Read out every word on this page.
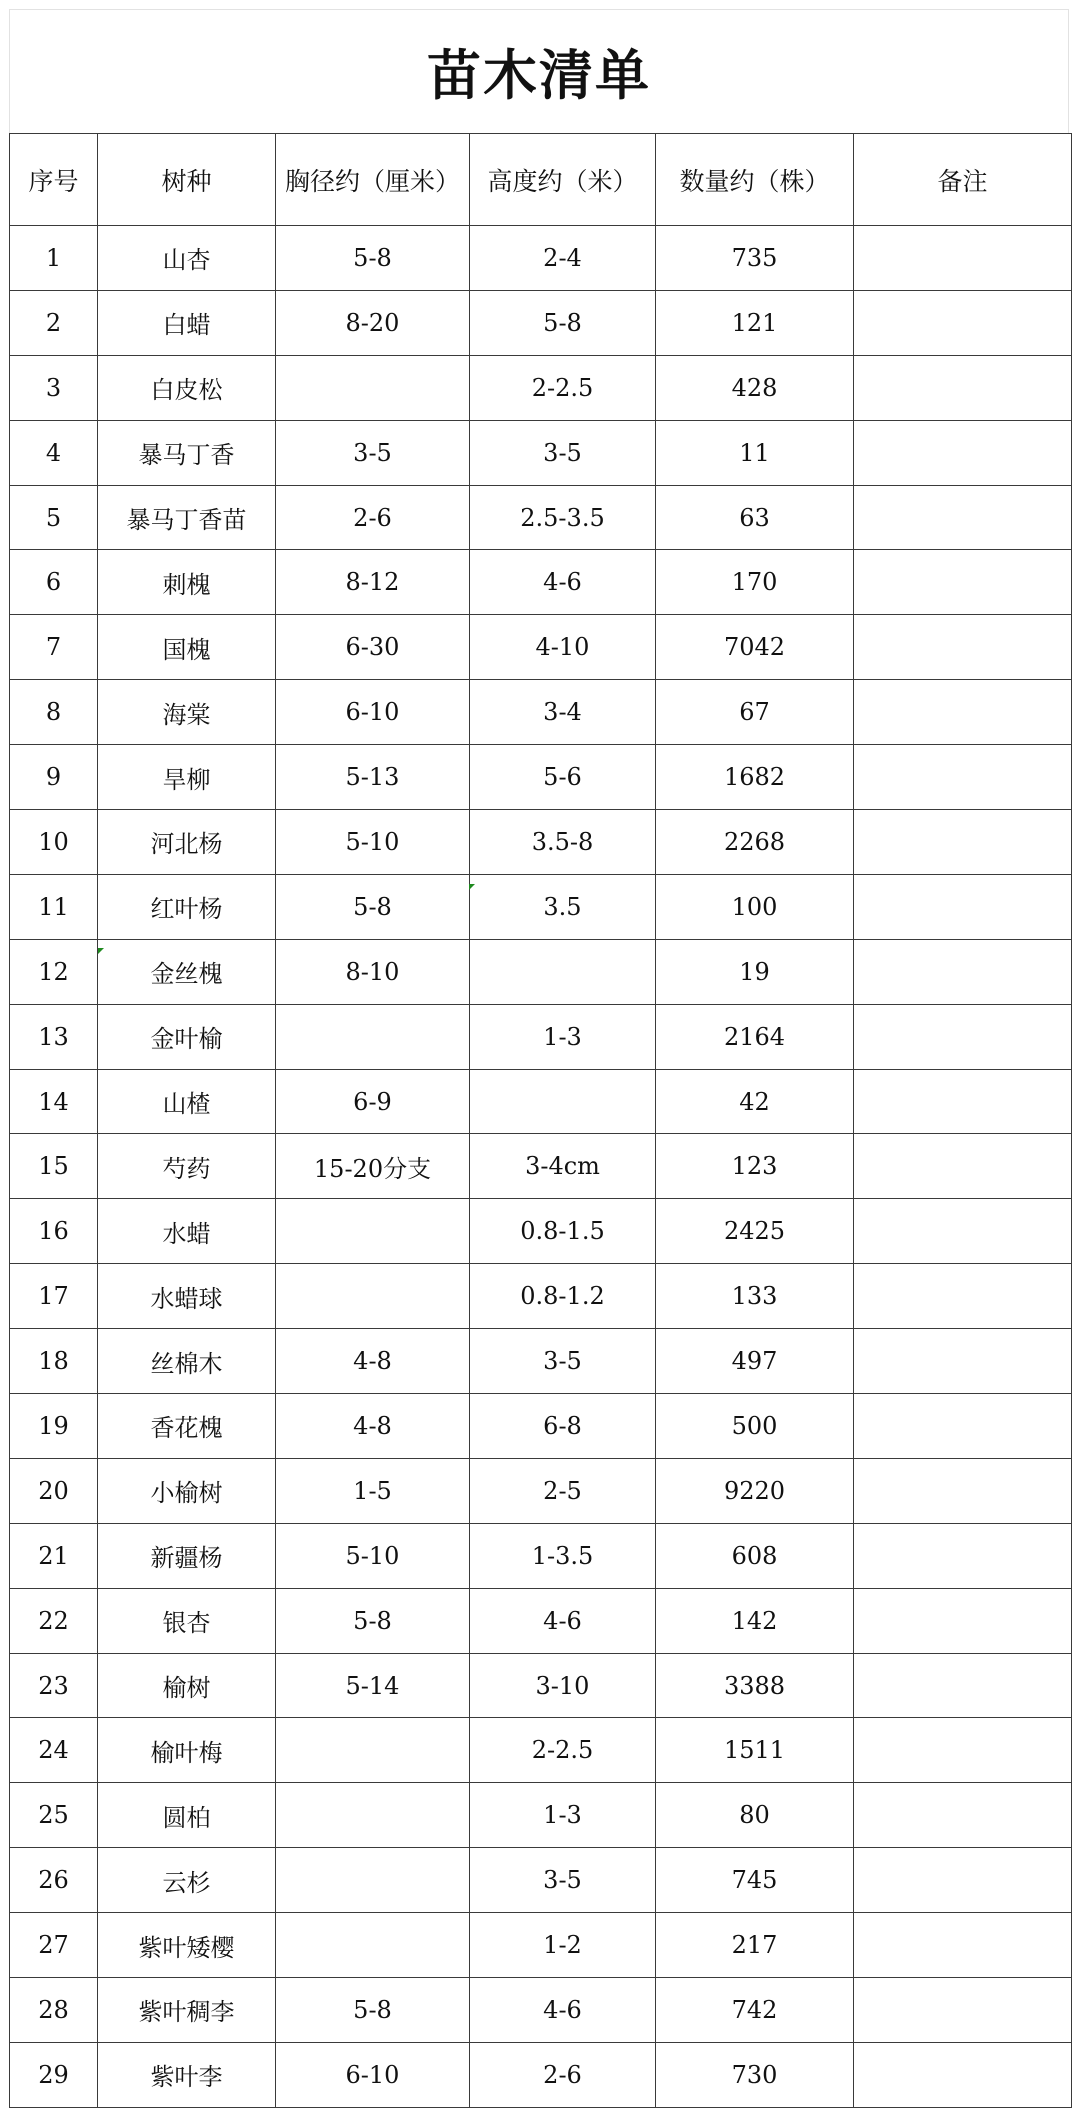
苗木清单
序号	树种	胸径约（厘米）	高度约（米）	数量约（株）	备注
1	山杏	5-8	2-4	735	
2	白蜡	8-20	5-8	121	
3	白皮松		2-2.5	428	
4	暴马丁香	3-5	3-5	11	
5	暴马丁香苗	2-6	2.5-3.5	63	
6	刺槐	8-12	4-6	170	
7	国槐	6-30	4-10	7042	
8	海棠	6-10	3-4	67	
9	旱柳	5-13	5-6	1682	
10	河北杨	5-10	3.5-8	2268	
11	红叶杨	5-8	3.5	100	
12	金丝槐	8-10		19	
13	金叶榆		1-3	2164	
14	山楂	6-9		42	
15	芍药	15-20分支	3-4cm	123	
16	水蜡		0.8-1.5	2425	
17	水蜡球		0.8-1.2	133	
18	丝棉木	4-8	3-5	497	
19	香花槐	4-8	6-8	500	
20	小榆树	1-5	2-5	9220	
21	新疆杨	5-10	1-3.5	608	
22	银杏	5-8	4-6	142	
23	榆树	5-14	3-10	3388	
24	榆叶梅		2-2.5	1511	
25	圆柏		1-3	80	
26	云杉		3-5	745	
27	紫叶矮樱		1-2	217	
28	紫叶稠李	5-8	4-6	742	
29	紫叶李	6-10	2-6	730	
